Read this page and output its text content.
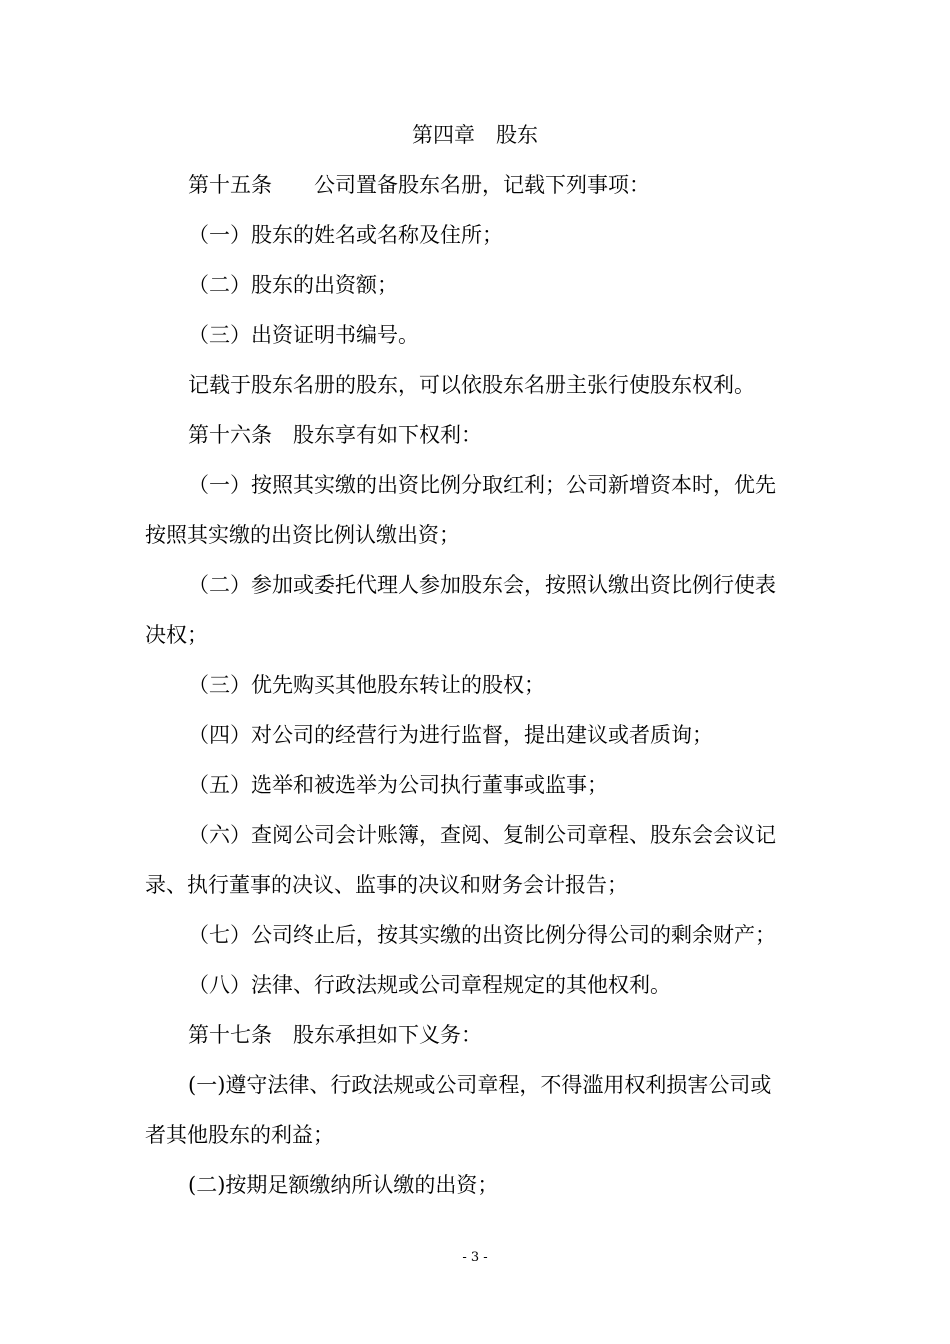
第四章　股东
第十五条　　公司置备股东名册，记载下列事项：
（一）股东的姓名或名称及住所；
（二）股东的出资额；
（三）出资证明书编号。
记载于股东名册的股东，可以依股东名册主张行使股东权利。
第十六条　股东享有如下权利：
（一）按照其实缴的出资比例分取红利；公司新增资本时，优先
按照其实缴的出资比例认缴出资；
（二）参加或委托代理人参加股东会，按照认缴出资比例行使表
决权；
（三）优先购买其他股东转让的股权；
（四）对公司的经营行为进行监督，提出建议或者质询；
（五）选举和被选举为公司执行董事或监事；
（六）查阅公司会计账簿，查阅、复制公司章程、股东会会议记
录、执行董事的决议、监事的决议和财务会计报告；
（七）公司终止后，按其实缴的出资比例分得公司的剩余财产；
（八）法律、行政法规或公司章程规定的其他权利。
第十七条　股东承担如下义务：
(一)遵守法律、行政法规或公司章程，不得滥用权利损害公司或
者其他股东的利益；
(二)按期足额缴纳所认缴的出资；
- 3 -
